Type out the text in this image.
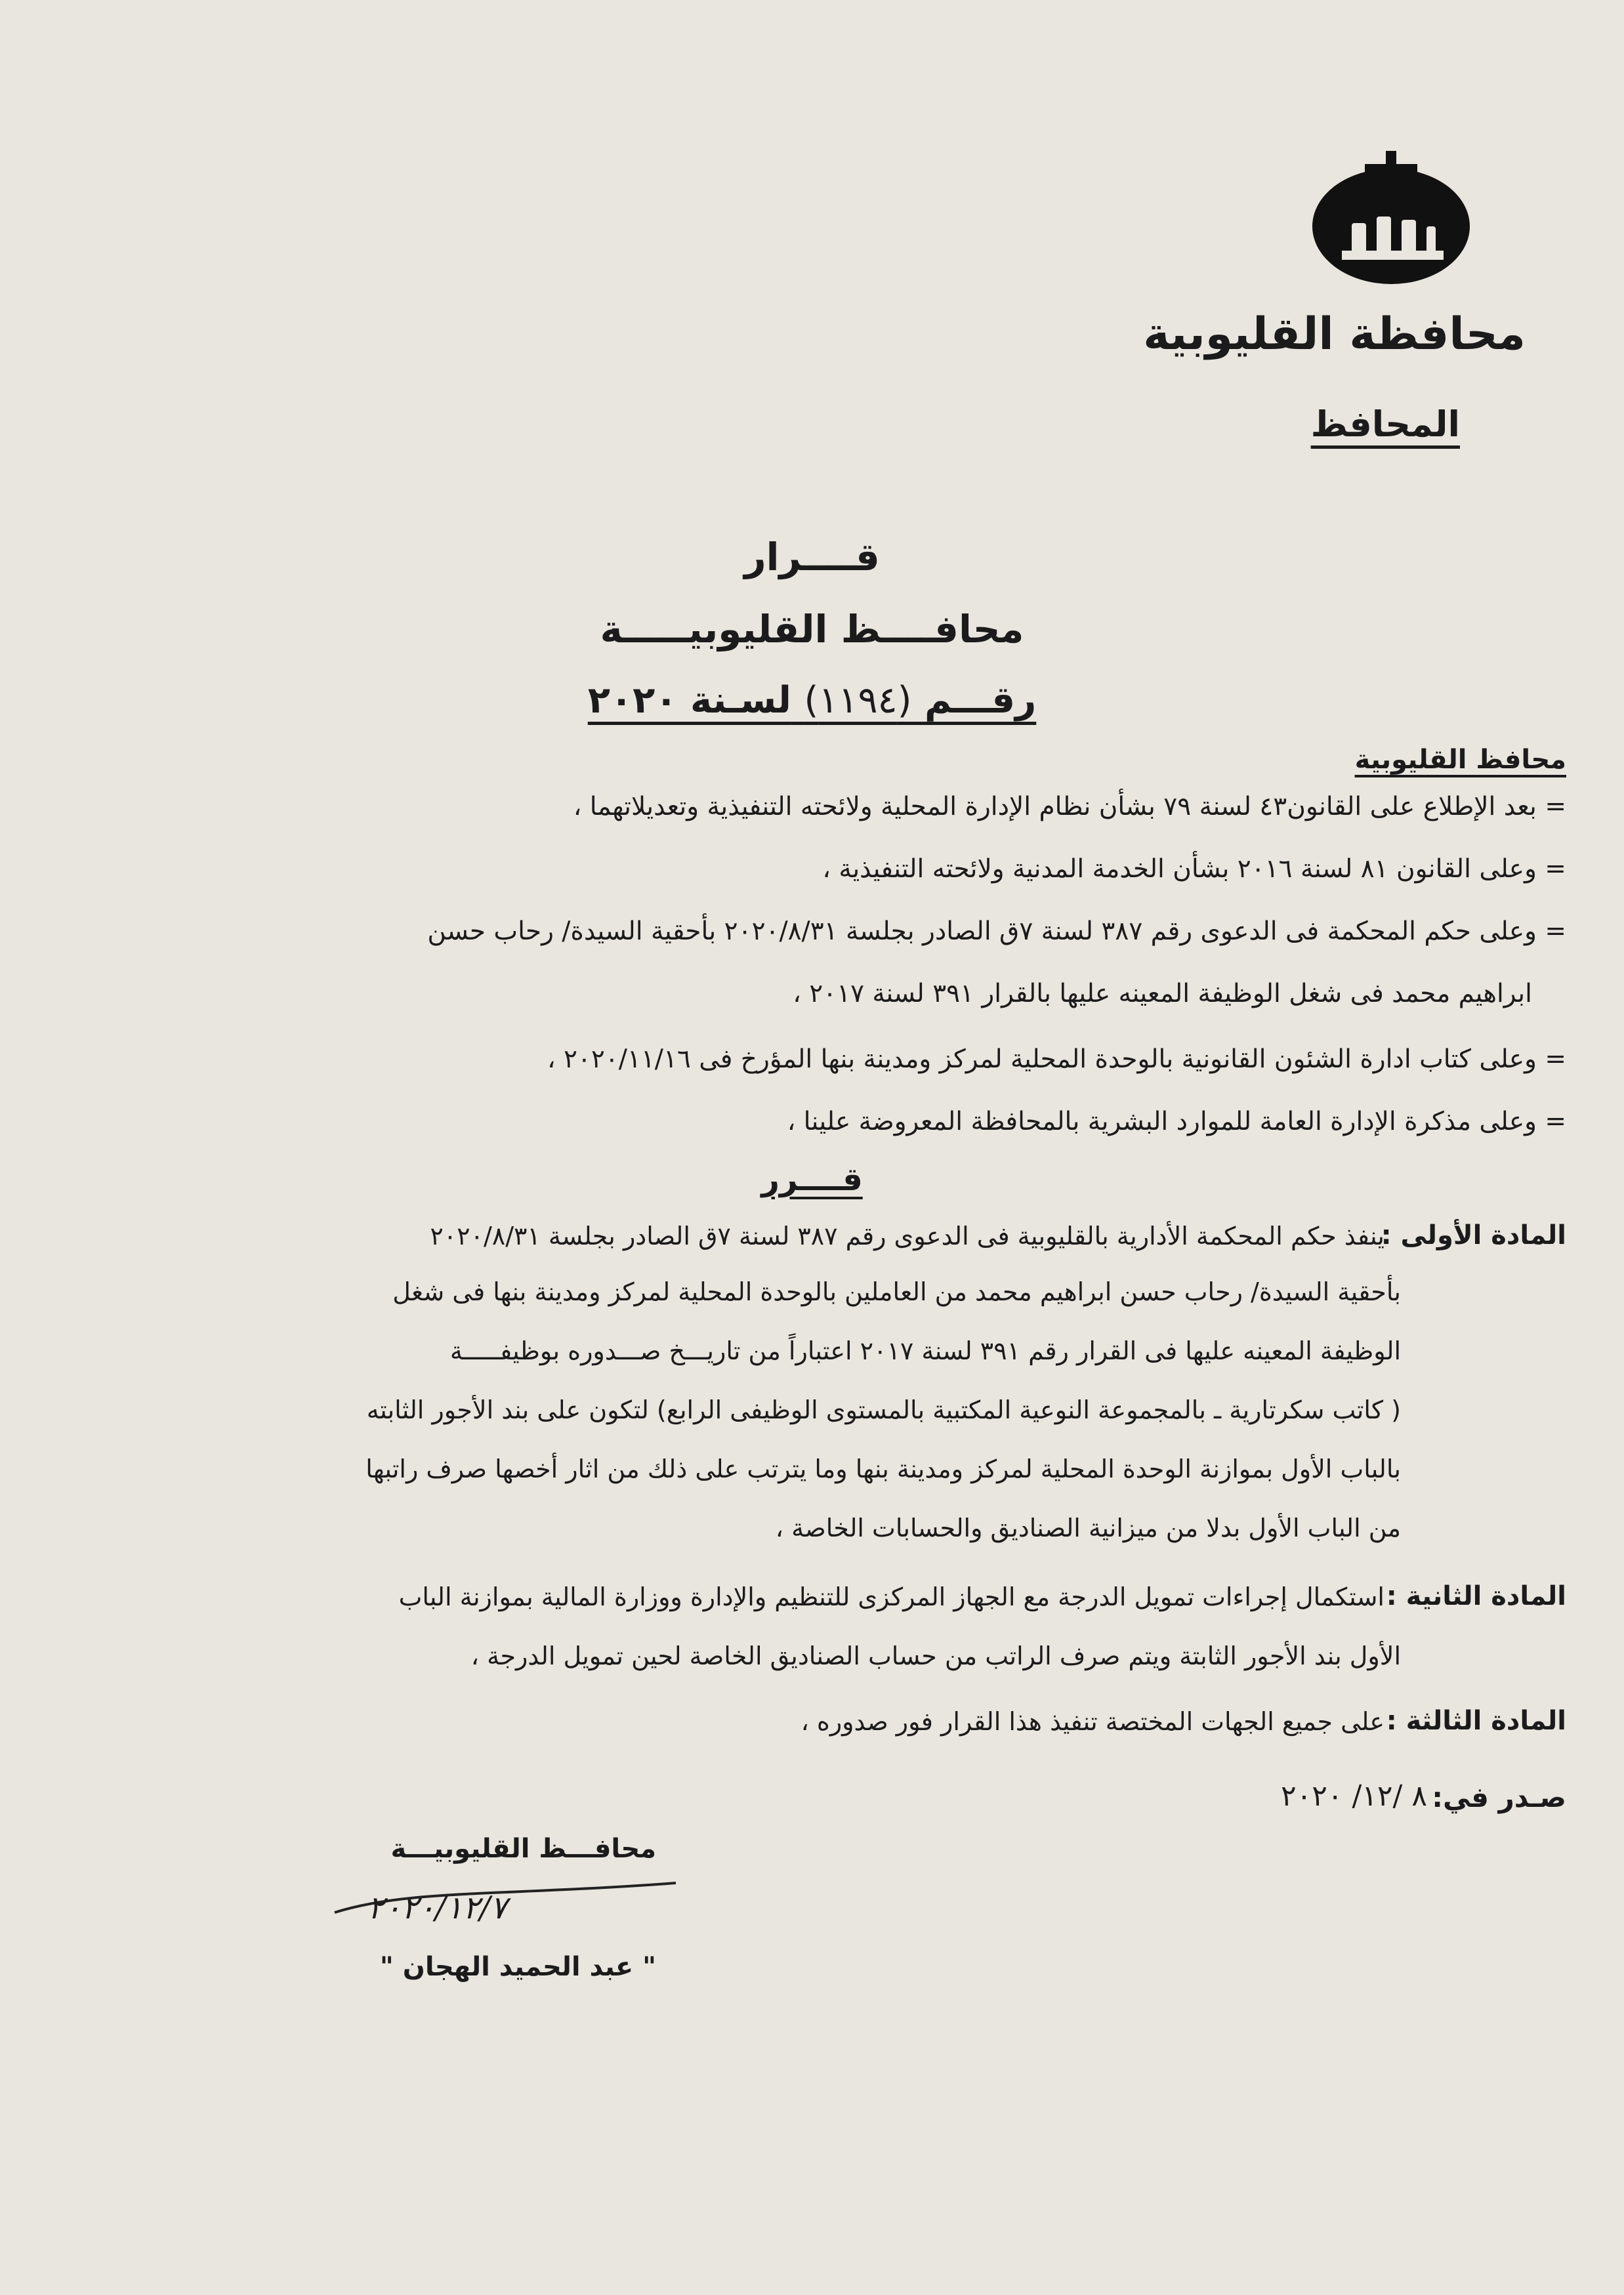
محافظة القليوبية
المحافظ
قــــرار
محافــــظ القليوبيـــــة
رقـــم (١١٩٤) لسـنة ٢٠٢٠
محافظ القليوبية
= بعد الإطلاع على القانون٤٣ لسنة ٧٩ بشأن نظام الإدارة المحلية ولائحته التنفيذية وتعديلاتهما ،
= وعلى القانون ٨١ لسنة ٢٠١٦ بشأن الخدمة المدنية ولائحته التنفيذية ،
= وعلى حكم المحكمة فى الدعوى رقم ٣٨٧ لسنة ٧ق الصادر بجلسة ٢٠٢٠/٨/٣١ بأحقية السيدة/ رحاب حسن
ابراهيم محمد فى شغل الوظيفة المعينه عليها بالقرار ٣٩١ لسنة ٢٠١٧ ،
= وعلى كتاب ادارة الشئون القانونية بالوحدة المحلية لمركز ومدينة بنها المؤرخ فى ٢٠٢٠/١١/١٦ ،
= وعلى مذكرة الإدارة العامة للموارد البشرية بالمحافظة المعروضة علينا ،
قــــرر
المادة الأولى :
ينفذ حكم المحكمة الأدارية بالقليوبية فى الدعوى رقم ٣٨٧ لسنة ٧ق الصادر بجلسة ٢٠٢٠/٨/٣١
بأحقية السيدة/ رحاب حسن ابراهيم محمد من العاملين بالوحدة المحلية لمركز ومدينة بنها فى شغل
الوظيفة المعينه عليها فى القرار رقم ٣٩١ لسنة ٢٠١٧ اعتباراً من تاريـــخ صـــدوره بوظيفـــــة
( كاتب سكرتارية ـ بالمجموعة النوعية المكتبية بالمستوى الوظيفى الرابع) لتكون على بند الأجور الثابته
بالباب الأول بموازنة الوحدة المحلية لمركز ومدينة بنها وما يترتب على ذلك من اثار أخصها صرف راتبها
من الباب الأول بدلا من ميزانية الصناديق والحسابات الخاصة ،
المادة الثانية :
استكمال إجراءات تمويل الدرجة مع الجهاز المركزى للتنظيم والإدارة ووزارة المالية بموازنة الباب
الأول بند الأجور الثابتة ويتم صرف الراتب من حساب الصناديق الخاصة لحين تمويل الدرجة ،
المادة الثالثة :
على جميع الجهات المختصة تنفيذ هذا القرار فور صدوره ،
صـدر في:
٨ /١٢/ ٢٠٢٠
محافـــظ القليوبيـــة
٢٠٢٠/١٢/٧
" عبد الحميد الهجان "
